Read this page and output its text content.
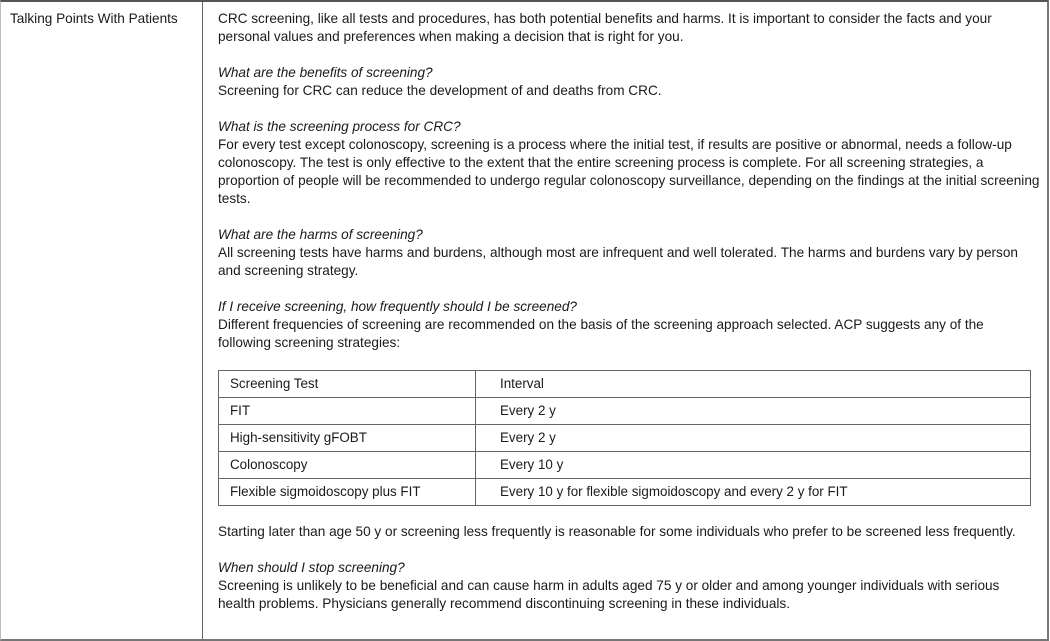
Talking Points With Patients	CRC screening, like all tests and procedures, has both potential benefits and harms. It is important to consider the facts and your personal values and preferences when making a decision that is right for you.

What are the benefits of screening?

Screening for CRC can reduce the development of and deaths from CRC.

What is the screening process for CRC?

For every test except colonoscopy, screening is a process where the initial test, if results are positive or abnormal, needs a follow-up colonoscopy. The test is only effective to the extent that the entire screening process is complete. For all screening strategies, a proportion of people will be recommended to undergo regular colonoscopy surveillance, depending on the findings at the initial screening tests.

What are the harms of screening?

All screening tests have harms and burdens, although most are infrequent and well tolerated. The harms and burdens vary by person and screening strategy.

If I receive screening, how frequently should I be screened?

Different frequencies of screening are recommended on the basis of the screening approach selected. ACP suggests any of the following screening strategies:

Screening Test	Interval
FIT	Every 2 y
High-sensitivity gFOBT	Every 2 y
Colonoscopy	Every 10 y
Flexible sigmoidoscopy plus FIT	Every 10 y for flexible sigmoidoscopy and every 2 y for FIT

Starting later than age 50 y or screening less frequently is reasonable for some individuals who prefer to be screened less frequently.

When should I stop screening?

Screening is unlikely to be beneficial and can cause harm in adults aged 75 y or older and among younger individuals with serious health problems. Physicians generally recommend discontinuing screening in these individuals.
